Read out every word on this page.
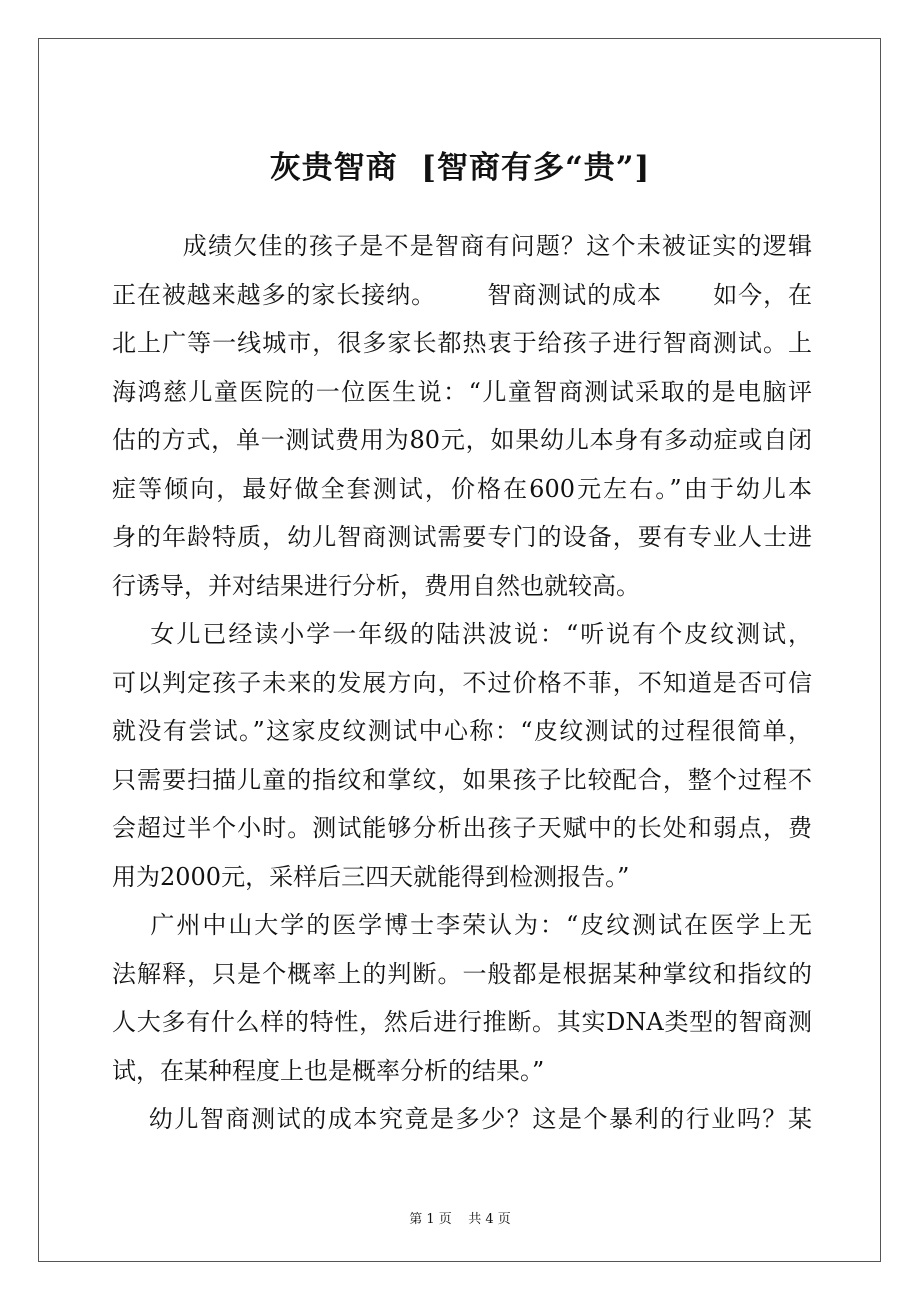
灰贵智商  [智商有多“贵”]
成绩欠佳的孩子是不是智商有问题？这个未被证实的逻辑
正在被越来越多的家长接纳。      智商测试的成本      如今，在
北上广等一线城市，很多家长都热衷于给孩子进行智商测试。上
海鸿慈儿童医院的一位医生说：“儿童智商测试采取的是电脑评
估的方式，单一测试费用为80元，如果幼儿本身有多动症或自闭
症等倾向，最好做全套测试，价格在600元左右。”由于幼儿本
身的年龄特质，幼儿智商测试需要专门的设备，要有专业人士进
行诱导，并对结果进行分析，费用自然也就较高。
女儿已经读小学一年级的陆洪波说：“听说有个皮纹测试，
可以判定孩子未来的发展方向，不过价格不菲，不知道是否可信
就没有尝试。”这家皮纹测试中心称：“皮纹测试的过程很简单，
只需要扫描儿童的指纹和掌纹，如果孩子比较配合，整个过程不
会超过半个小时。测试能够分析出孩子天赋中的长处和弱点，费
用为2000元，采样后三四天就能得到检测报告。”
广州中山大学的医学博士李荣认为：“皮纹测试在医学上无
法解释，只是个概率上的判断。一般都是根据某种掌纹和指纹的
人大多有什么样的特性，然后进行推断。其实DNA类型的智商测
试，在某种程度上也是概率分析的结果。”
幼儿智商测试的成本究竟是多少？这是个暴利的行业吗？某
第 1 页    共 4 页
